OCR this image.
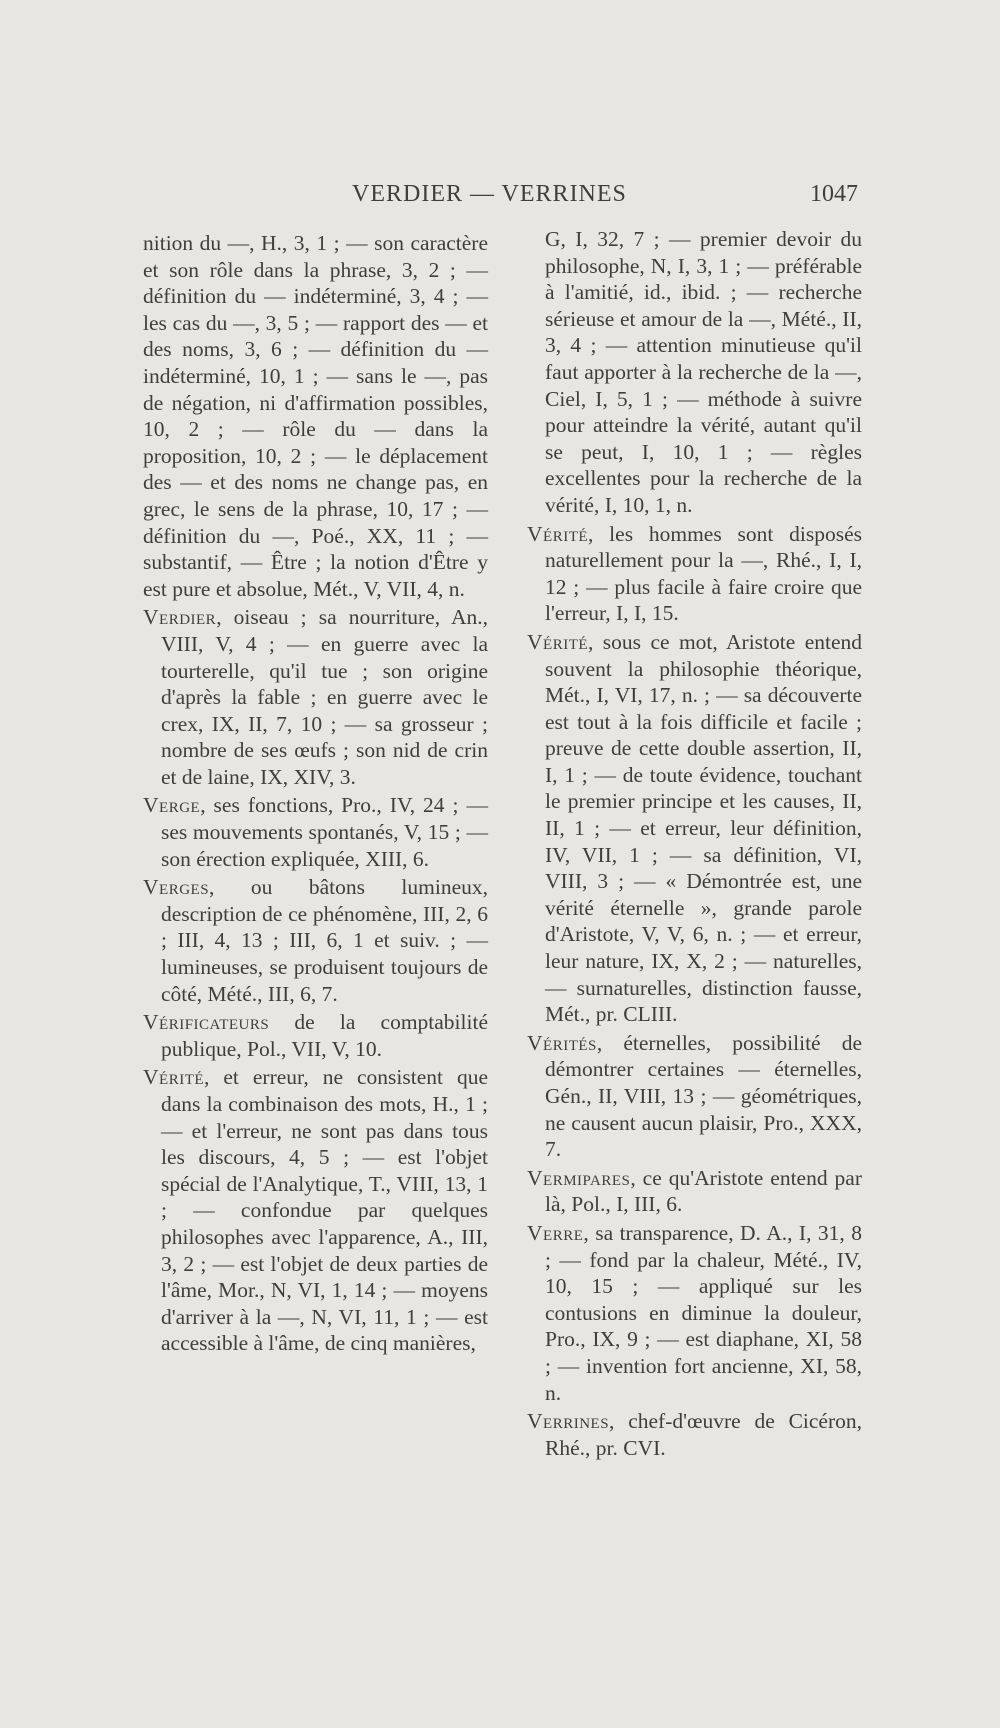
VERDIER — VERRINES	1047

nition du —, H., 3, 1 ; — son caractère et son rôle dans la phrase, 3, 2 ; — définition du — indéterminé, 3, 4 ; — les cas du —, 3, 5 ; — rapport des — et des noms, 3, 6 ; — définition du — indéterminé, 10, 1 ; — sans le —, pas de négation, ni d'affirmation possibles, 10, 2 ; — rôle du — dans la proposition, 10, 2 ; — le déplacement des — et des noms ne change pas, en grec, le sens de la phrase, 10, 17 ; — définition du —, Poé., XX, 11 ; — substantif, — Être ; la notion d'Être y est pure et absolue, Mét., V, VII, 4, n.

Verdier, oiseau ; sa nourriture, An., VIII, V, 4 ; — en guerre avec la tourterelle, qu'il tue ; son origine d'après la fable ; en guerre avec le crex, IX, II, 7, 10 ; — sa grosseur ; nombre de ses œufs ; son nid de crin et de laine, IX, XIV, 3.

Verge, ses fonctions, Pro., IV, 24 ; — ses mouvements spontanés, V, 15 ; — son érection expliquée, XIII, 6.

Verges, ou bâtons lumineux, description de ce phénomène, III, 2, 6 ; III, 4, 13 ; III, 6, 1 et suiv. ; — lumineuses, se produisent toujours de côté, Mété., III, 6, 7.

Vérificateurs de la comptabilité publique, Pol., VII, V, 10.

Vérité, et erreur, ne consistent que dans la combinaison des mots, H., 1 ; — et l'erreur, ne sont pas dans tous les discours, 4, 5 ; — est l'objet spécial de l'Analytique, T., VIII, 13, 1 ; — confondue par quelques philosophes avec l'apparence, A., III, 3, 2 ; — est l'objet de deux parties de l'âme, Mor., N, VI, 1, 14 ; — moyens d'arriver à la —, N, VI, 11, 1 ; — est accessible à l'âme, de cinq manières,

G, I, 32, 7 ; — premier devoir du philosophe, N, I, 3, 1 ; — préférable à l'amitié, id., ibid. ; — recherche sérieuse et amour de la —, Mété., II, 3, 4 ; — attention minutieuse qu'il faut apporter à la recherche de la —, Ciel, I, 5, 1 ; — méthode à suivre pour atteindre la vérité, autant qu'il se peut, I, 10, 1 ; — règles excellentes pour la recherche de la vérité, I, 10, 1, n.

Vérité, les hommes sont disposés naturellement pour la —, Rhé., I, I, 12 ; — plus facile à faire croire que l'erreur, I, I, 15.

Vérité, sous ce mot, Aristote entend souvent la philosophie théorique, Mét., I, VI, 17, n. ; — sa découverte est tout à la fois difficile et facile ; preuve de cette double assertion, II, I, 1 ; — de toute évidence, touchant le premier principe et les causes, II, II, 1 ; — et erreur, leur définition, IV, VII, 1 ; — sa définition, VI, VIII, 3 ; — « Démontrée est, une vérité éternelle », grande parole d'Aristote, V, V, 6, n. ; — et erreur, leur nature, IX, X, 2 ; — naturelles, — surnaturelles, distinction fausse, Mét., pr. CLIII.

Vérités, éternelles, possibilité de démontrer certaines — éternelles, Gén., II, VIII, 13 ; — géométriques, ne causent aucun plaisir, Pro., XXX, 7.

Vermipares, ce qu'Aristote entend par là, Pol., I, III, 6.

Verre, sa transparence, D. A., I, 31, 8 ; — fond par la chaleur, Mété., IV, 10, 15 ; — appliqué sur les contusions en diminue la douleur, Pro., IX, 9 ; — est diaphane, XI, 58 ; — invention fort ancienne, XI, 58, n.

Verrines, chef-d'œuvre de Cicéron, Rhé., pr. CVI.
